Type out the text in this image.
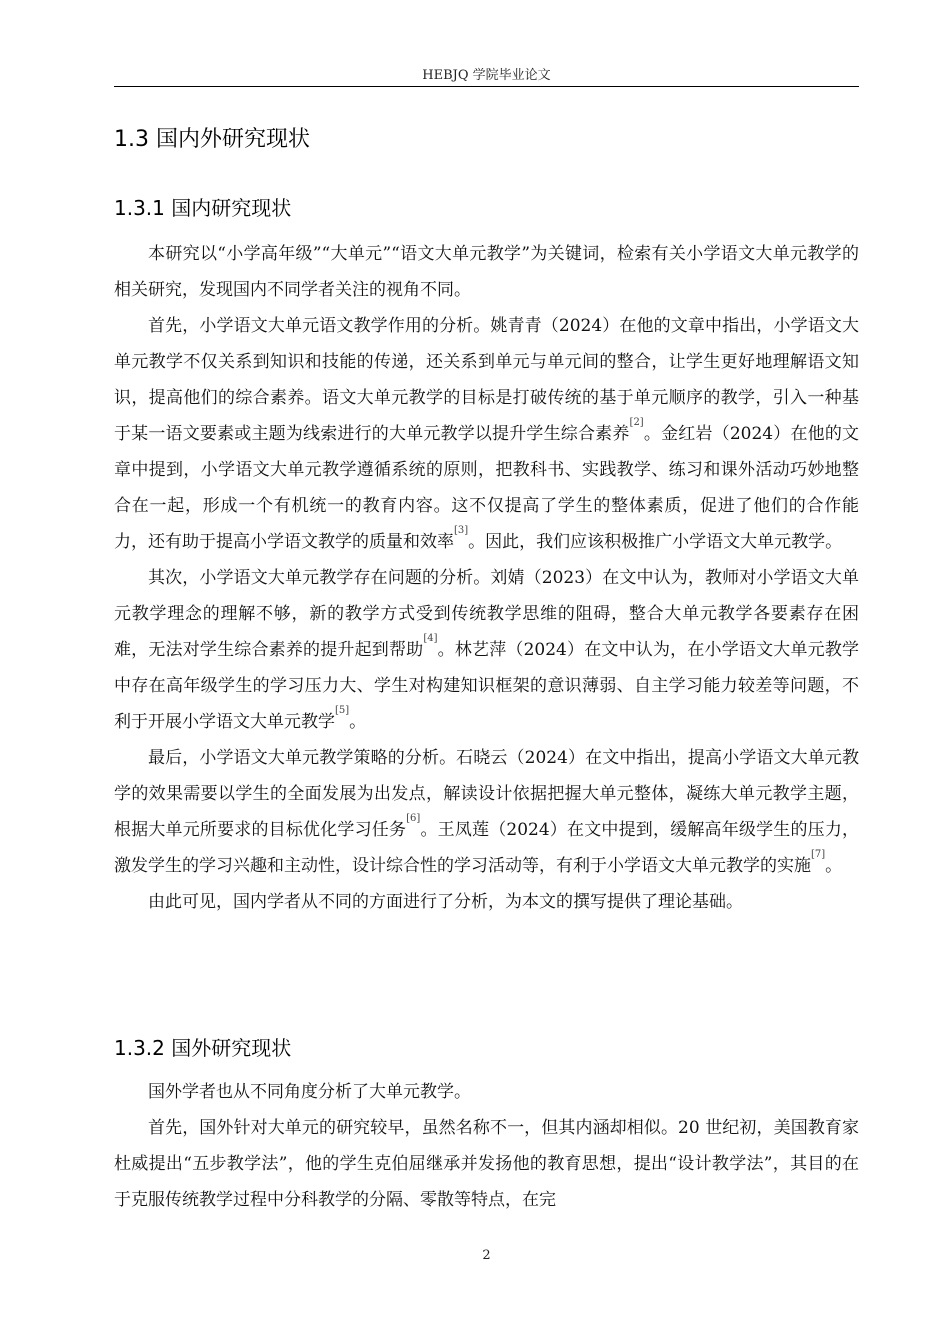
HEBJQ 学院毕业论文
1.3 国内外研究现状
1.3.1 国内研究现状

本研究以“小学高年级”“大单元”“语文大单元教学”为关键词，检索有关小学语文大单元教学的相关研究，发现国内不同学者关注的视角不同。

首先，小学语文大单元语文教学作用的分析。姚青青（2024）在他的文章中指出，小学语文大单元教学不仅关系到知识和技能的传递，还关系到单元与单元间的整合，让学生更好地理解语文知识，提高他们的综合素养。语文大单元教学的目标是打破传统的基于单元顺序的教学，引入一种基于某一语文要素或主题为线索进行的大单元教学以提升学生综合素养[2]。金红岩（2024）在他的文章中提到，小学语文大单元教学遵循系统的原则，把教科书、实践教学、练习和课外活动巧妙地整合在一起，形成一个有机统一的教育内容。这不仅提高了学生的整体素质，促进了他们的合作能力，还有助于提高小学语文教学的质量和效率[3]。因此，我们应该积极推广小学语文大单元教学。

其次，小学语文大单元教学存在问题的分析。刘婧（2023）在文中认为，教师对小学语文大单元教学理念的理解不够，新的教学方式受到传统教学思维的阻碍，整合大单元教学各要素存在困难，无法对学生综合素养的提升起到帮助[4]。林艺萍（2024）在文中认为，在小学语文大单元教学中存在高年级学生的学习压力大、学生对构建知识框架的意识薄弱、自主学习能力较差等问题，不利于开展小学语文大单元教学[5]。

最后，小学语文大单元教学策略的分析。石晓云（2024）在文中指出，提高小学语文大单元教学的效果需要以学生的全面发展为出发点，解读设计依据把握大单元整体，凝练大单元教学主题，根据大单元所要求的目标优化学习任务[6]。王凤莲（2024）在文中提到，缓解高年级学生的压力，激发学生的学习兴趣和主动性，设计综合性的学习活动等，有利于小学语文大单元教学的实施[7]。

由此可见，国内学者从不同的方面进行了分析，为本文的撰写提供了理论基础。

1.3.2 国外研究现状

国外学者也从不同角度分析了大单元教学。

首先，国外针对大单元的研究较早，虽然名称不一，但其内涵却相似。20 世纪初，美国教育家杜威提出“五步教学法”，他的学生克伯屈继承并发扬他的教育思想，提出“设计教学法”，其目的在于克服传统教学过程中分科教学的分隔、零散等特点，在完

2
